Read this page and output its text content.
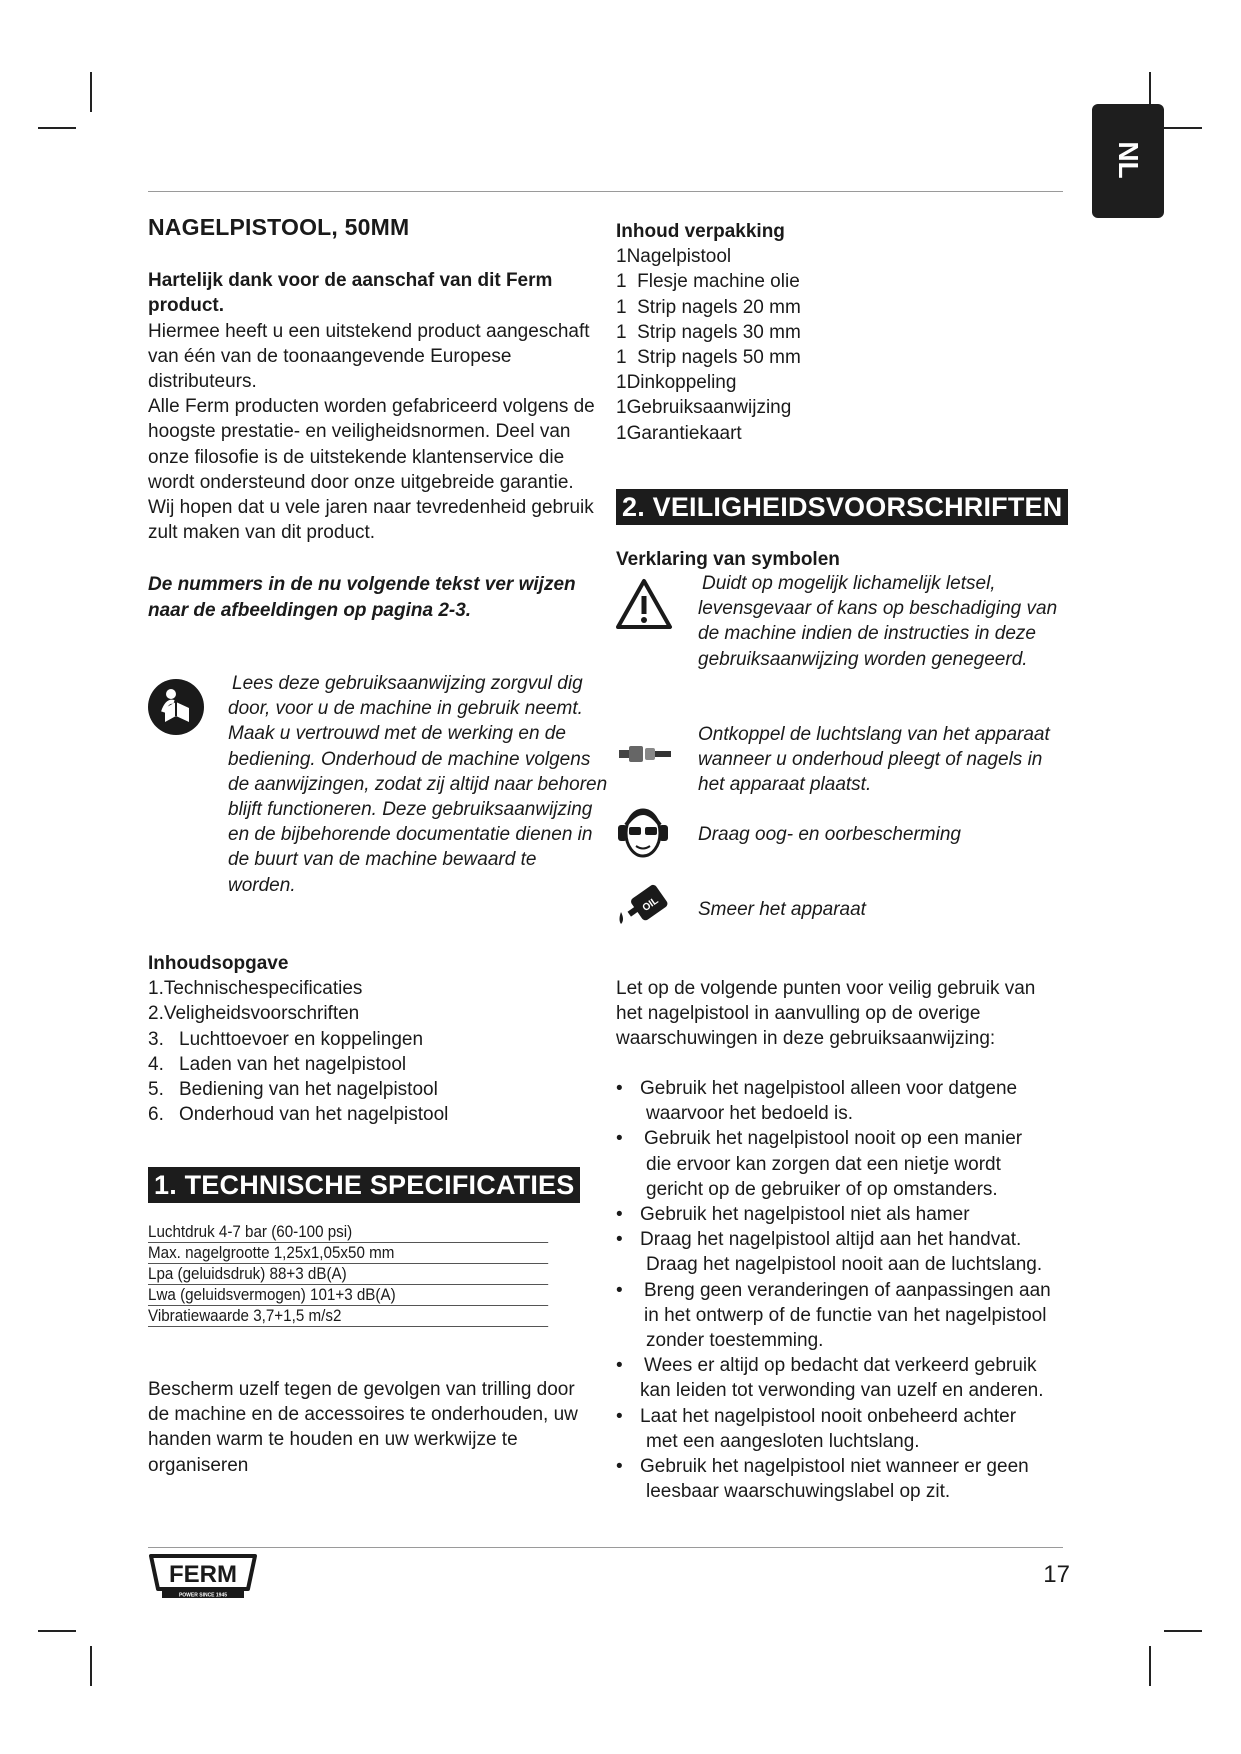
NL
NAGELPISTOOL, 50MM

Hartelijk dank voor de aanschaf van dit Ferm product.

Hiermee heeft u een uitstekend product aangeschaft van één van de toonaangevende Europese distributeurs.

Alle Ferm producten worden gefabriceerd volgens de hoogste prestatie- en veiligheidsnormen. Deel van onze filosofie is de uitstekende klantenservice die wordt ondersteund door onze uitgebreide garantie.

Wij hopen dat u vele jaren naar tevredenheid gebruik zult maken van dit product.

De nummers in de nu volgende tekst ver wijzen naar de afbeeldingen op pagina 2-3.

Lees deze gebruiksaanwijzing zorgvul dig door, voor u de machine in gebruik neemt. Maak u vertrouwd met de werking en de bediening. Onderhoud de machine volgens de aanwijzingen, zodat zij altijd naar behoren blijft functioneren. Deze gebruiksaanwijzing en de bijbehorende documentatie dienen in de buurt van de machine bewaard te worden.

Inhoudsopgave

1.Technischespecificaties
2.Veligheidsvoorschriften
3. Luchttoevoer en koppelingen
4. Laden van het nagelpistool
5. Bediening van het nagelpistool
6. Onderhoud van het nagelpistool
1. TECHNISCHE SPECIFICATIES
Luchtdruk 4-7 bar (60-100 psi)
Max. nagelgrootte 1,25x1,05x50 mm
Lpa (geluidsdruk) 88+3 dB(A)
Lwa (geluidsvermogen) 101+3 dB(A)
Vibratiewaarde 3,7+1,5 m/s2

Bescherm uzelf tegen de gevolgen van trilling door de machine en de accessoires te onderhouden, uw handen warm te houden en uw werkwijze te organiseren

Inhoud verpakking

1Nagelpistool

1  Flesje machine olie

1  Strip nagels 20 mm

1  Strip nagels 30 mm

1  Strip nagels 50 mm

1Dinkoppeling

1Gebruiksaanwijzing

1Garantiekaart

2. VEILIGHEIDSVOORSCHRIFTEN

Verklaring van symbolen

Duidt op mogelijk lichamelijk letsel, levensgevaar of kans op beschadiging van de machine indien de instructies in deze gebruiksaanwijzing worden genegeerd.

Ontkoppel de luchtslang van het apparaat wanneer u onderhoud pleegt of nagels in het apparaat plaatst.

Draag oog- en oorbescherming

OIL Smeer het apparaat

Let op de volgende punten voor veilig gebruik van het nagelpistool in aanvulling op de overige waarschuwingen in deze gebruiksaanwijzing:

• Gebruik het nagelpistool alleen voor datgene
waarvoor het bedoeld is.
•	Gebruik het nagelpistool nooit op een manier
die ervoor kan zorgen dat een nietje wordt
gericht op de gebruiker of op omstanders.
• Gebruik het nagelpistool niet als hamer
• Draag het nagelpistool altijd aan het handvat.
Draag het nagelpistool nooit aan de luchtslang.
•	Breng geen veranderingen of aanpassingen aan
in het ontwerp of de functie van het nagelpistool
zonder toestemming.
•	Wees er altijd op bedacht dat verkeerd gebruik
kan leiden tot verwonding van uzelf en anderen.
• Laat het nagelpistool nooit onbeheerd achter
met een aangesloten luchtslang.
• Gebruik het nagelpistool niet wanneer er geen
leesbaar waarschuwingslabel op zit.
FERM
POWER SINCE 1945
17
